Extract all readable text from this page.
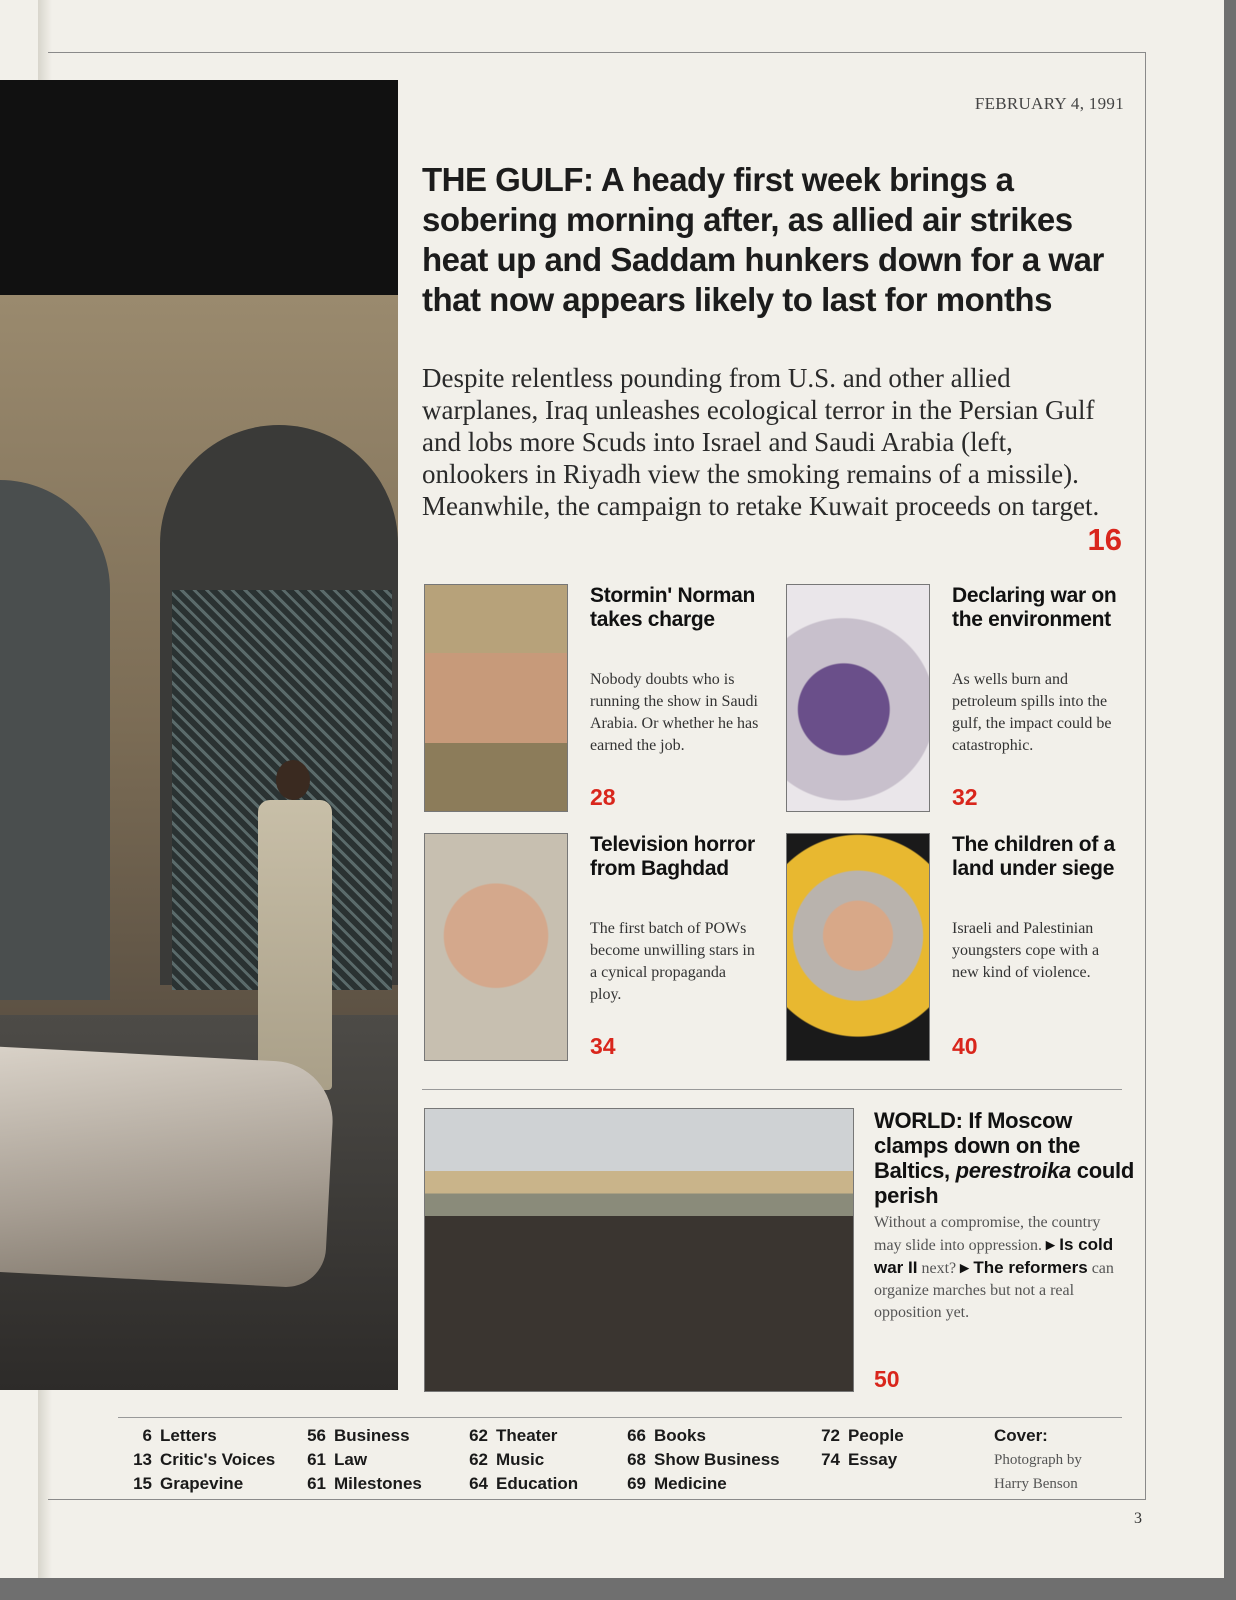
FEBRUARY 4, 1991
THE GULF: A heady first week brings a sobering morning after, as allied air strikes heat up and Saddam hunkers down for a war that now appears likely to last for months

Despite relentless pounding from U.S. and other allied warplanes, Iraq unleashes ecological terror in the Persian Gulf and lobs more Scuds into Israel and Saudi Arabia (left, onlookers in Riyadh view the smoking remains of a missile). Meanwhile, the campaign to retake Kuwait proceeds on target.

16
Stormin' Norman takes charge

Nobody doubts who is running the show in Saudi Arabia. Or whether he has earned the job.

28
Declaring war on the environment

As wells burn and petroleum spills into the gulf, the impact could be catastrophic.

32
Television horror from Baghdad

The first batch of POWs become unwilling stars in a cynical propaganda ploy.

34
The children of a land under siege

Israeli and Palestinian youngsters cope with a new kind of violence.

40
WORLD: If Moscow clamps down on the Baltics, perestroika could perish

Without a compromise, the country may slide into oppression. ▸ Is cold war II next? ▸ The reformers can organize marches but not a real opposition yet.

50
6 Letters
13 Critic's Voices
15 Grapevine
56 Business
61 Law
61 Milestones
62 Theater
62 Music
64 Education
66 Books
68 Show Business
69 Medicine
72 People
74 Essay
Cover:
Photograph by
Harry Benson
3
